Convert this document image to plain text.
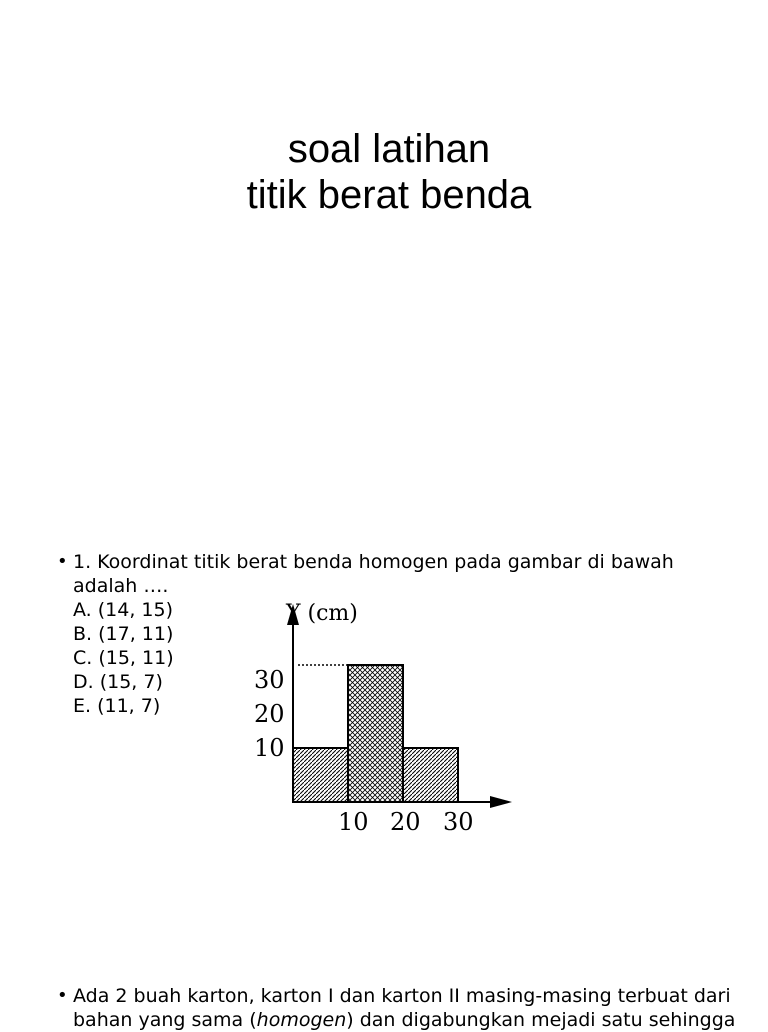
soal latihan
titik berat benda
• 1. Koordinat titik berat benda homogen pada gambar di bawah adalah ….
A. (14, 15)
B. (17, 11)
C. (15, 11)
D. (15, 7)
E. (11, 7)
Y (cm)
30
20
10
10 20 30
• Ada 2 buah karton, karton I dan karton II masing-masing terbuat dari bahan yang sama (homogen) dan digabungkan mejadi satu sehingga
